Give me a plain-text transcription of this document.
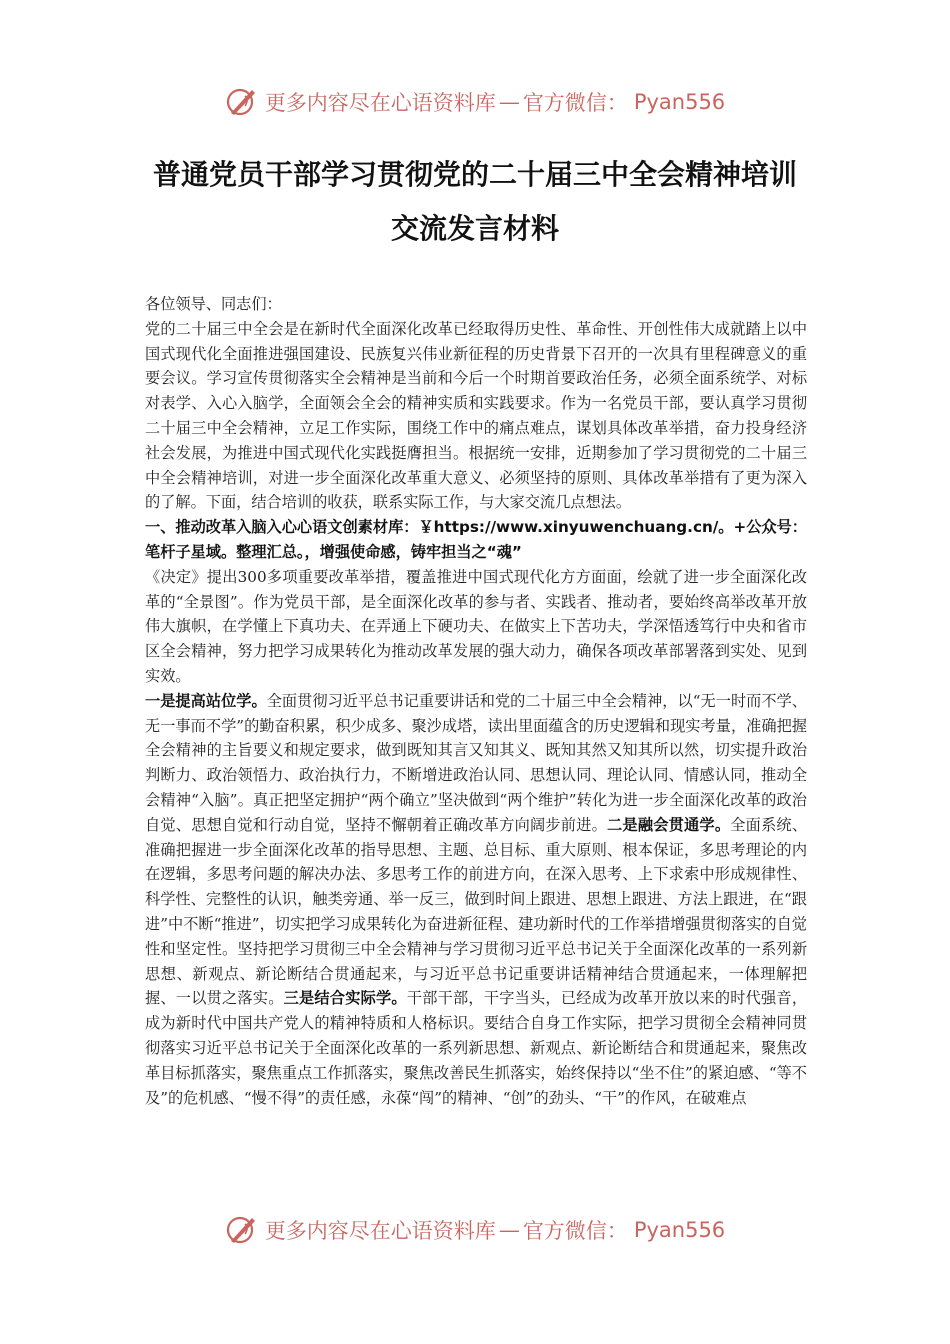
更多内容尽在心语资料库 — 官方微信： Pyan556
普通党员干部学习贯彻党的二十届三中全会精神培训
交流发言材料

各位领导、同志们：

党的二十届三中全会是在新时代全面深化改革已经取得历史性、革命性、开创性伟大成就踏上以中国式现代化全面推进强国建设、民族复兴伟业新征程的历史背景下召开的一次具有里程碑意义的重要会议。学习宣传贯彻落实全会精神是当前和今后一个时期首要政治任务，必须全面系统学、对标对表学、入心入脑学，全面领会全会的精神实质和实践要求。作为一名党员干部，要认真学习贯彻二十届三中全会精神，立足工作实际，围绕工作中的痛点难点，谋划具体改革举措，奋力投身经济社会发展，为推进中国式现代化实践挺膺担当。根据统一安排，近期参加了学习贯彻党的二十届三中全会精神培训，对进一步全面深化改革重大意义、必须坚持的原则、具体改革举措有了更为深入的了解。下面，结合培训的收获，联系实际工作，与大家交流几点想法。

一、推动改革入脑入心心语文创素材库：￥https://www.xinyuwenchuang.cn/。+公众号：笔杆子星域。整理汇总。，增强使命感，铸牢担当之“魂”

《决定》提出300多项重要改革举措，覆盖推进中国式现代化方方面面，绘就了进一步全面深化改革的“全景图”。作为党员干部，是全面深化改革的参与者、实践者、推动者，要始终高举改革开放伟大旗帜，在学懂上下真功夫、在弄通上下硬功夫、在做实上下苦功夫，学深悟透笃行中央和省市区全会精神，努力把学习成果转化为推动改革发展的强大动力，确保各项改革部署落到实处、见到实效。

一是提高站位学。全面贯彻习近平总书记重要讲话和党的二十届三中全会精神，以“无一时而不学、无一事而不学”的勤奋积累，积少成多、聚沙成塔，读出里面蕴含的历史逻辑和现实考量，准确把握全会精神的主旨要义和规定要求，做到既知其言又知其义、既知其然又知其所以然，切实提升政治判断力、政治领悟力、政治执行力，不断增进政治认同、思想认同、理论认同、情感认同，推动全会精神“入脑”。真正把坚定拥护“两个确立”坚决做到“两个维护”转化为进一步全面深化改革的政治自觉、思想自觉和行动自觉，坚持不懈朝着正确改革方向阔步前进。二是融会贯通学。全面系统、准确把握进一步全面深化改革的指导思想、主题、总目标、重大原则、根本保证，多思考理论的内在逻辑，多思考问题的解决办法、多思考工作的前进方向，在深入思考、上下求索中形成规律性、科学性、完整性的认识，触类旁通、举一反三，做到时间上跟进、思想上跟进、方法上跟进，在“跟进”中不断“推进”，切实把学习成果转化为奋进新征程、建功新时代的工作举措增强贯彻落实的自觉性和坚定性。坚持把学习贯彻三中全会精神与学习贯彻习近平总书记关于全面深化改革的一系列新思想、新观点、新论断结合贯通起来，与习近平总书记重要讲话精神结合贯通起来，一体理解把握、一以贯之落实。三是结合实际学。干部干部，干字当头，已经成为改革开放以来的时代强音，成为新时代中国共产党人的精神特质和人格标识。要结合自身工作实际，把学习贯彻全会精神同贯彻落实习近平总书记关于全面深化改革的一系列新思想、新观点、新论断结合和贯通起来，聚焦改革目标抓落实，聚焦重点工作抓落实，聚焦改善民生抓落实，始终保持以“坐不住”的紧迫感、“等不及”的危机感、“慢不得”的责任感，永葆“闯”的精神、“创”的劲头、“干”的作风，在破难点

更多内容尽在心语资料库 — 官方微信： Pyan556
